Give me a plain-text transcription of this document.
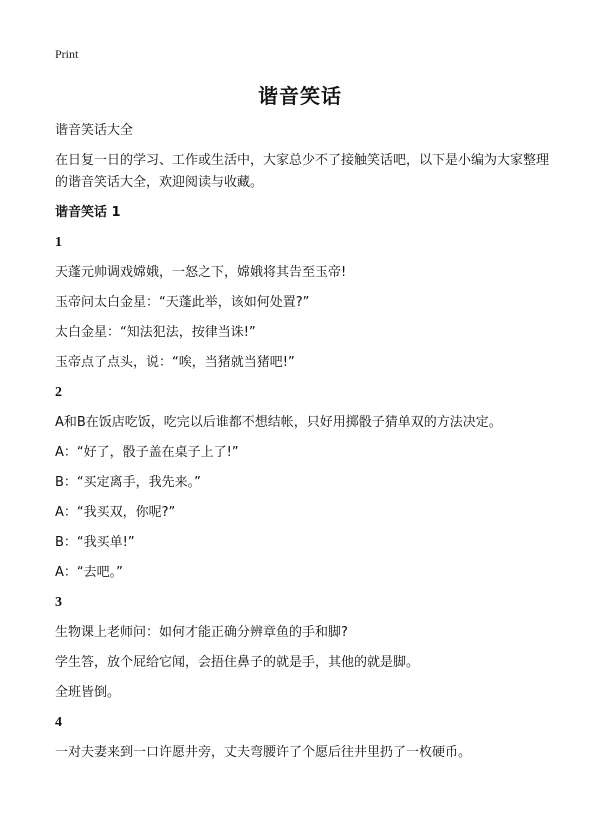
Print
谐音笑话
谐音笑话大全
在日复一日的学习、工作或生活中，大家总少不了接触笑话吧，以下是小编为大家整理的谐音笑话大全，欢迎阅读与收藏。
谐音笑话 1
1
天蓬元帅调戏嫦娥，一怒之下，嫦娥将其告至玉帝!
玉帝问太白金星：“天蓬此举，该如何处置?”
太白金星：“知法犯法，按律当诛!”
玉帝点了点头，说：“唉，当猪就当猪吧!”
2
A和B在饭店吃饭，吃完以后谁都不想结帐，只好用掷骰子猜单双的方法决定。
A：“好了，骰子盖在桌子上了!”
B：“买定离手，我先来。”
A：“我买双，你呢?”
B：“我买单!”
A：“去吧。”
3
生物课上老师问：如何才能正确分辨章鱼的手和脚?
学生答，放个屁给它闻，会捂住鼻子的就是手，其他的就是脚。
全班皆倒。
4
一对夫妻来到一口许愿井旁，丈夫弯腰许了个愿后往井里扔了一枚硬币。
